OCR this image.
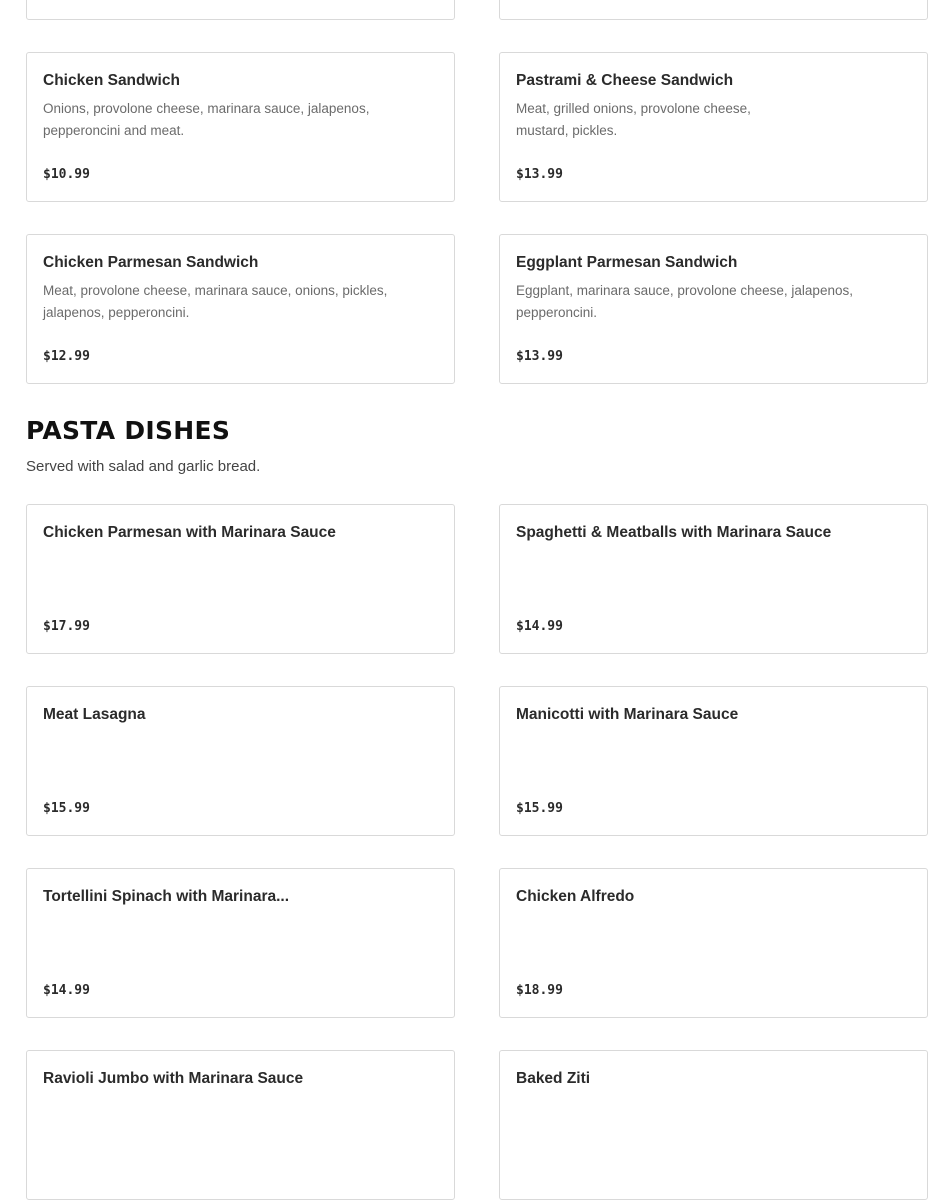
Chicken Sandwich
Onions, provolone cheese, marinara sauce, jalapenos, pepperoncini and meat.
$10.99
Pastrami & Cheese Sandwich
Meat, grilled onions, provolone cheese, mustard, pickles.
$13.99
Chicken Parmesan Sandwich
Meat, provolone cheese, marinara sauce, onions, pickles, jalapenos, pepperoncini.
$12.99
Eggplant Parmesan Sandwich
Eggplant, marinara sauce, provolone cheese, jalapenos, pepperoncini.
$13.99
PASTA DISHES
Served with salad and garlic bread.
Chicken Parmesan with Marinara Sauce
$17.99
Spaghetti & Meatballs with Marinara Sauce
$14.99
Meat Lasagna
$15.99
Manicotti with Marinara Sauce
$15.99
Tortellini Spinach with Marinara...
$14.99
Chicken Alfredo
$18.99
Ravioli Jumbo with Marinara Sauce	Baked Ziti
